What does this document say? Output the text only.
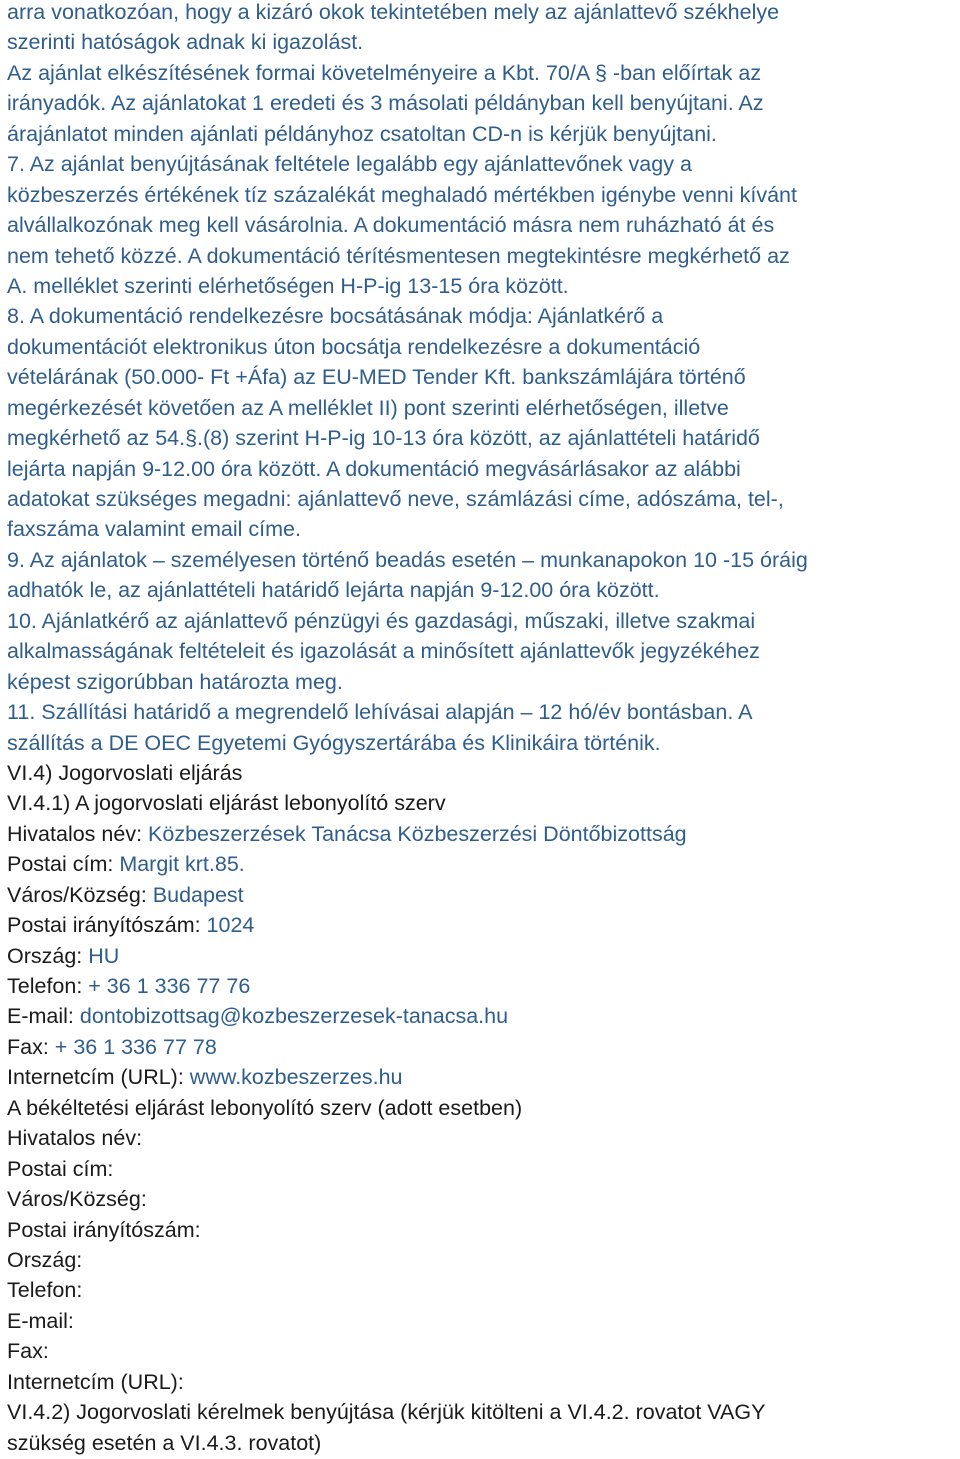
arra vonatkozóan, hogy a kizáró okok tekintetében mely az ajánlattevő székhelye
szerinti hatóságok adnak ki igazolást.
Az ajánlat elkészítésének formai követelményeire a Kbt. 70/A § -ban előírtak az
irányadók. Az ajánlatokat 1 eredeti és 3 másolati példányban kell benyújtani. Az
árajánlatot minden ajánlati példányhoz csatoltan CD-n is kérjük benyújtani.
7. Az ajánlat benyújtásának feltétele legalább egy ajánlattevőnek vagy a
közbeszerzés értékének tíz százalékát meghaladó mértékben igénybe venni kívánt
alvállalkozónak meg kell vásárolnia. A dokumentáció másra nem ruházható át és
nem tehető közzé. A dokumentáció térítésmentesen megtekintésre megkérhető az
A. melléklet szerinti elérhetőségen H-P-ig 13-15 óra között.
8. A dokumentáció rendelkezésre bocsátásának módja: Ajánlatkérő a
dokumentációt elektronikus úton bocsátja rendelkezésre a dokumentáció
vételárának (50.000- Ft +Áfa) az EU-MED Tender Kft. bankszámlájára történő
megérkezését követően az A melléklet II) pont szerinti elérhetőségen, illetve
megkérhető az 54.§.(8) szerint H-P-ig 10-13 óra között, az ajánlattételi határidő
lejárta napján 9-12.00 óra között. A dokumentáció megvásárlásakor az alábbi
adatokat szükséges megadni: ajánlattevő neve, számlázási címe, adószáma, tel-,
faxszáma valamint email címe.
9. Az ajánlatok – személyesen történő beadás esetén – munkanapokon 10 -15 óráig
adhatók le, az ajánlattételi határidő lejárta napján 9-12.00 óra között.
10. Ajánlatkérő az ajánlattevő pénzügyi és gazdasági, műszaki, illetve szakmai
alkalmasságának feltételeit és igazolását a minősített ajánlattevők jegyzékéhez
képest szigorúbban határozta meg.
11. Szállítási határidő a megrendelő lehívásai alapján – 12 hó/év bontásban. A
szállítás a DE OEC Egyetemi Gyógyszertárába és Klinikáira történik.
VI.4) Jogorvoslati eljárás
VI.4.1) A jogorvoslati eljárást lebonyolító szerv
Hivatalos név: Közbeszerzések Tanácsa Közbeszerzési Döntőbizottság
Postai cím: Margit krt.85.
Város/Község: Budapest
Postai irányítószám: 1024
Ország: HU
Telefon: + 36 1 336 77 76
E-mail: dontobizottsag@kozbeszerzesek-tanacsa.hu
Fax: + 36 1 336 77 78
Internetcím (URL): www.kozbeszerzes.hu
A békéltetési eljárást lebonyolító szerv (adott esetben)
Hivatalos név:
Postai cím:
Város/Község:
Postai irányítószám:
Ország:
Telefon:
E-mail:
Fax:
Internetcím (URL):
VI.4.2) Jogorvoslati kérelmek benyújtása (kérjük kitölteni a VI.4.2. rovatot VAGY
szükség esetén a VI.4.3. rovatot)
